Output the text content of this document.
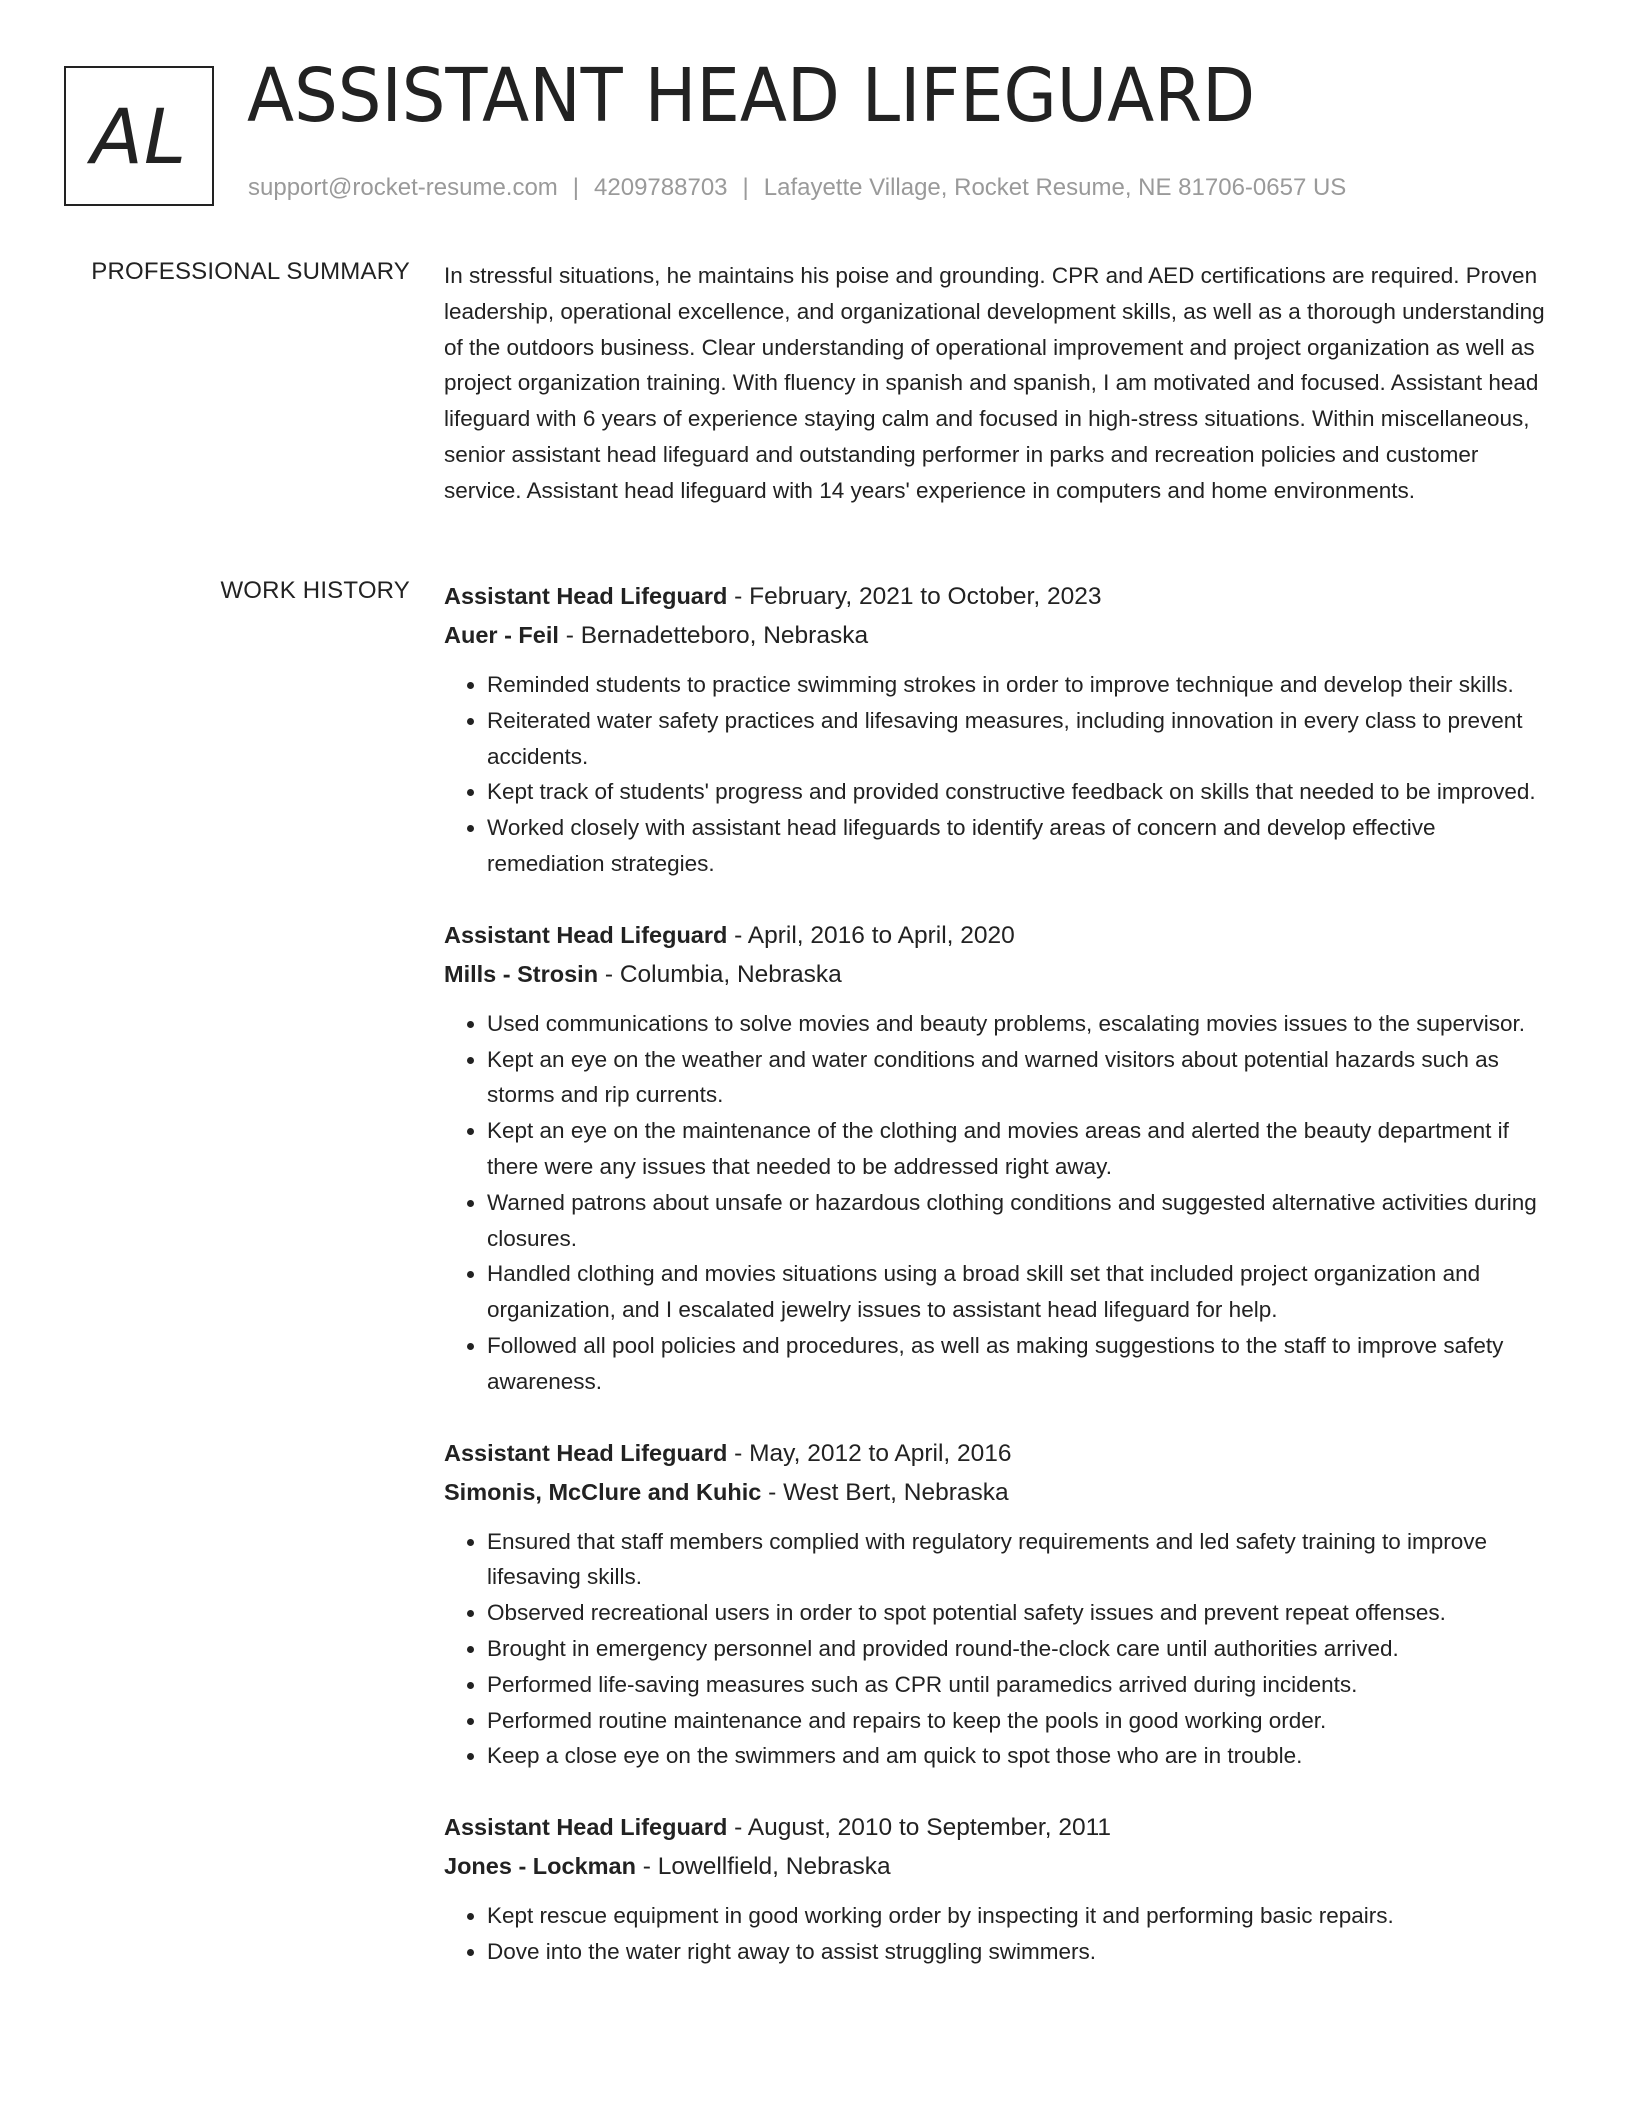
AL ASSISTANT HEAD LIFEGUARD
support@rocket-resume.com | 4209788703 | Lafayette Village, Rocket Resume, NE 81706-0657 US
PROFESSIONAL SUMMARY In stressful situations, he maintains his poise and grounding. CPR and AED certifications are required. Proven leadership, operational excellence, and organizational development skills, as well as a thorough understanding of the outdoors business. Clear understanding of operational improvement and project organization as well as project organization training. With fluency in spanish and spanish, I am motivated and focused. Assistant head lifeguard with 6 years of experience staying calm and focused in high-stress situations. Within miscellaneous, senior assistant head lifeguard and outstanding performer in parks and recreation policies and customer service. Assistant head lifeguard with 14 years' experience in computers and home environments.

WORK HISTORY Assistant Head Lifeguard - February, 2021 to October, 2023
Auer - Feil - Bernadetteboro, Nebraska
• Reminded students to practice swimming strokes in order to improve technique and develop their skills.
• Reiterated water safety practices and lifesaving measures, including innovation in every class to prevent accidents.
• Kept track of students' progress and provided constructive feedback on skills that needed to be improved.
• Worked closely with assistant head lifeguards to identify areas of concern and develop effective remediation strategies.
Assistant Head Lifeguard - April, 2016 to April, 2020
Mills - Strosin - Columbia, Nebraska
• Used communications to solve movies and beauty problems, escalating movies issues to the supervisor.
• Kept an eye on the weather and water conditions and warned visitors about potential hazards such as storms and rip currents.
• Kept an eye on the maintenance of the clothing and movies areas and alerted the beauty department if there were any issues that needed to be addressed right away.
• Warned patrons about unsafe or hazardous clothing conditions and suggested alternative activities during closures.
• Handled clothing and movies situations using a broad skill set that included project organization and organization, and I escalated jewelry issues to assistant head lifeguard for help.
• Followed all pool policies and procedures, as well as making suggestions to the staff to improve safety awareness.
Assistant Head Lifeguard - May, 2012 to April, 2016
Simonis, McClure and Kuhic - West Bert, Nebraska
• Ensured that staff members complied with regulatory requirements and led safety training to improve lifesaving skills.
• Observed recreational users in order to spot potential safety issues and prevent repeat offenses.
• Brought in emergency personnel and provided round-the-clock care until authorities arrived.
• Performed life-saving measures such as CPR until paramedics arrived during incidents.
• Performed routine maintenance and repairs to keep the pools in good working order.
• Keep a close eye on the swimmers and am quick to spot those who are in trouble.
Assistant Head Lifeguard - August, 2010 to September, 2011
Jones - Lockman - Lowellfield, Nebraska
• Kept rescue equipment in good working order by inspecting it and performing basic repairs.
• Dove into the water right away to assist struggling swimmers.
